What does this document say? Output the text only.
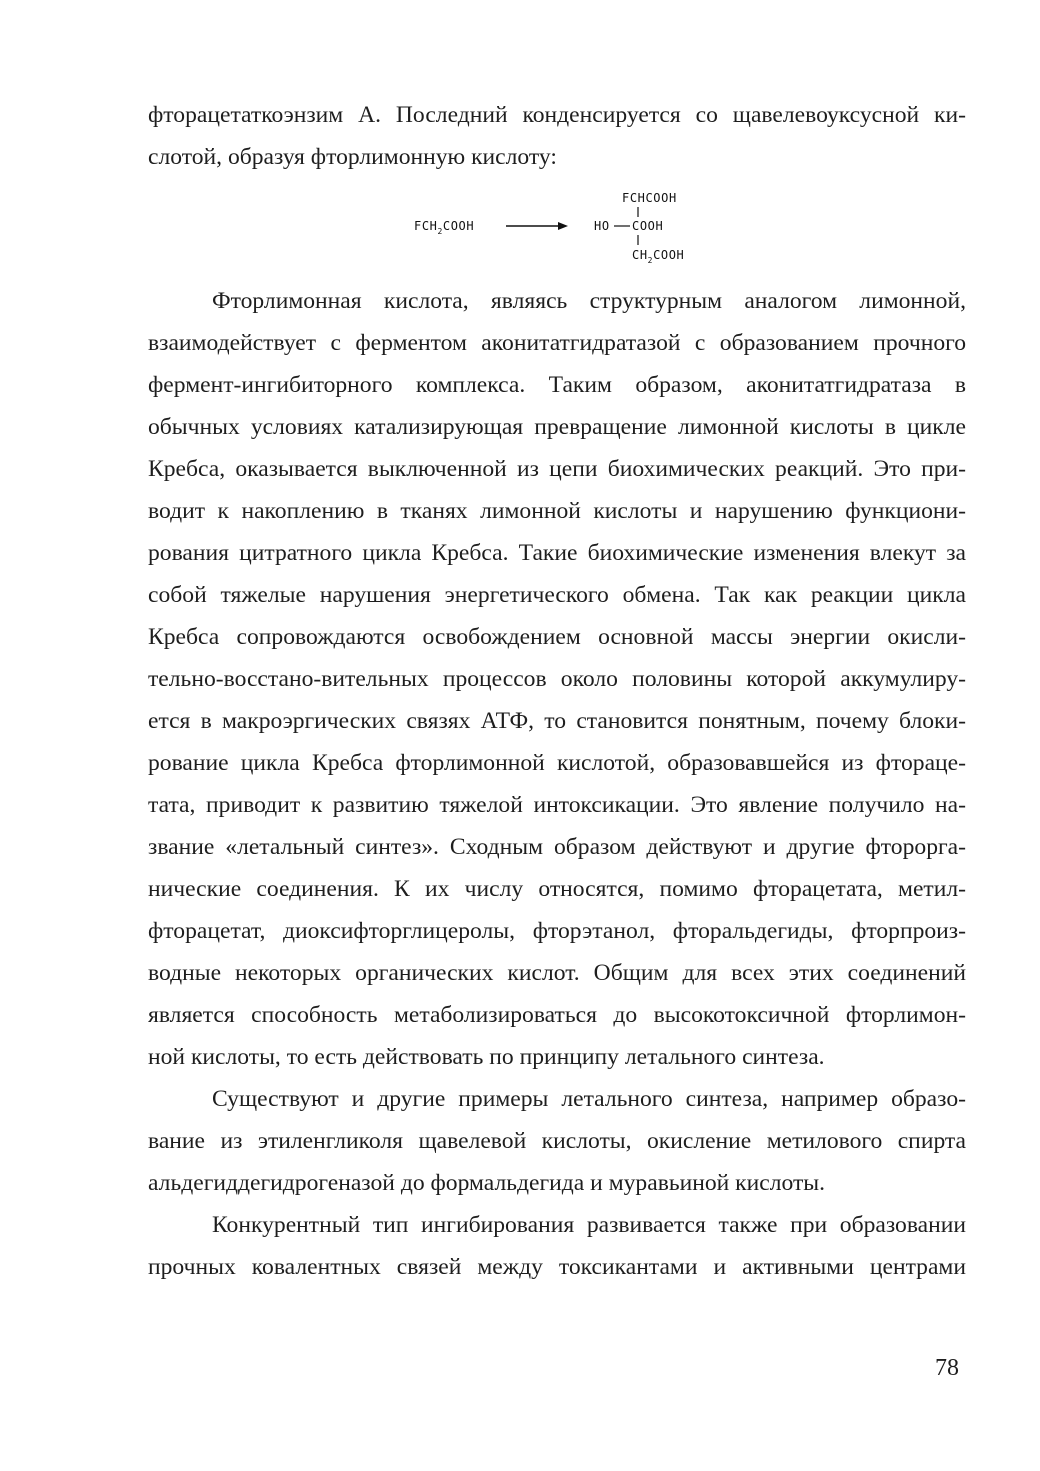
фторацетаткоэнзим А. Последний конденсируется со щавелевоуксусной ки-
слотой, образуя фторлимонную кислоту:
$FCH_2COOH$
FCHCOOH
HO COOH
$CH_2COOH$
Фторлимонная кислота, являясь структурным аналогом лимонной,
взаимодействует с ферментом аконитатгидратазой с образованием прочного
фермент-ингибиторного комплекса. Таким образом, аконитатгидратаза в
обычных условиях катализирующая превращение лимонной кислоты в цикле
Кребса, оказывается выключенной из цепи биохимических реакций. Это при-
водит к накоплению в тканях лимонной кислоты и нарушению функциони-
рования цитратного цикла Кребса. Такие биохимические изменения влекут за
собой тяжелые нарушения энергетического обмена. Так как реакции цикла
Кребса сопровождаются освобождением основной массы энергии окисли-
тельно-восстано-вительных процессов около половины которой аккумулиру-
ется в макроэргических связях АТФ, то становится понятным, почему блоки-
рование цикла Кребса фторлимонной кислотой, образовавшейся из фтораце-
тата, приводит к развитию тяжелой интоксикации. Это явление получило на-
звание «летальный синтез». Сходным образом действуют и другие фторорга-
нические соединения. К их числу относятся, помимо фторацетата, метил-
фторацетат, диоксифторглицеролы, фторэтанол, фторальдегиды, фторпроиз-
водные некоторых органических кислот. Общим для всех этих соединений
является способность метаболизироваться до высокотоксичной фторлимон-
ной кислоты, то есть действовать по принципу летального синтеза.
Существуют и другие примеры летального синтеза, например образо-
вание из этиленгликоля щавелевой кислоты, окисление метилового спирта
альдегиддегидрогеназой до формальдегида и муравьиной кислоты.
Конкурентный тип ингибирования развивается также при образовании
прочных ковалентных связей между токсикантами и активными центрами
78
